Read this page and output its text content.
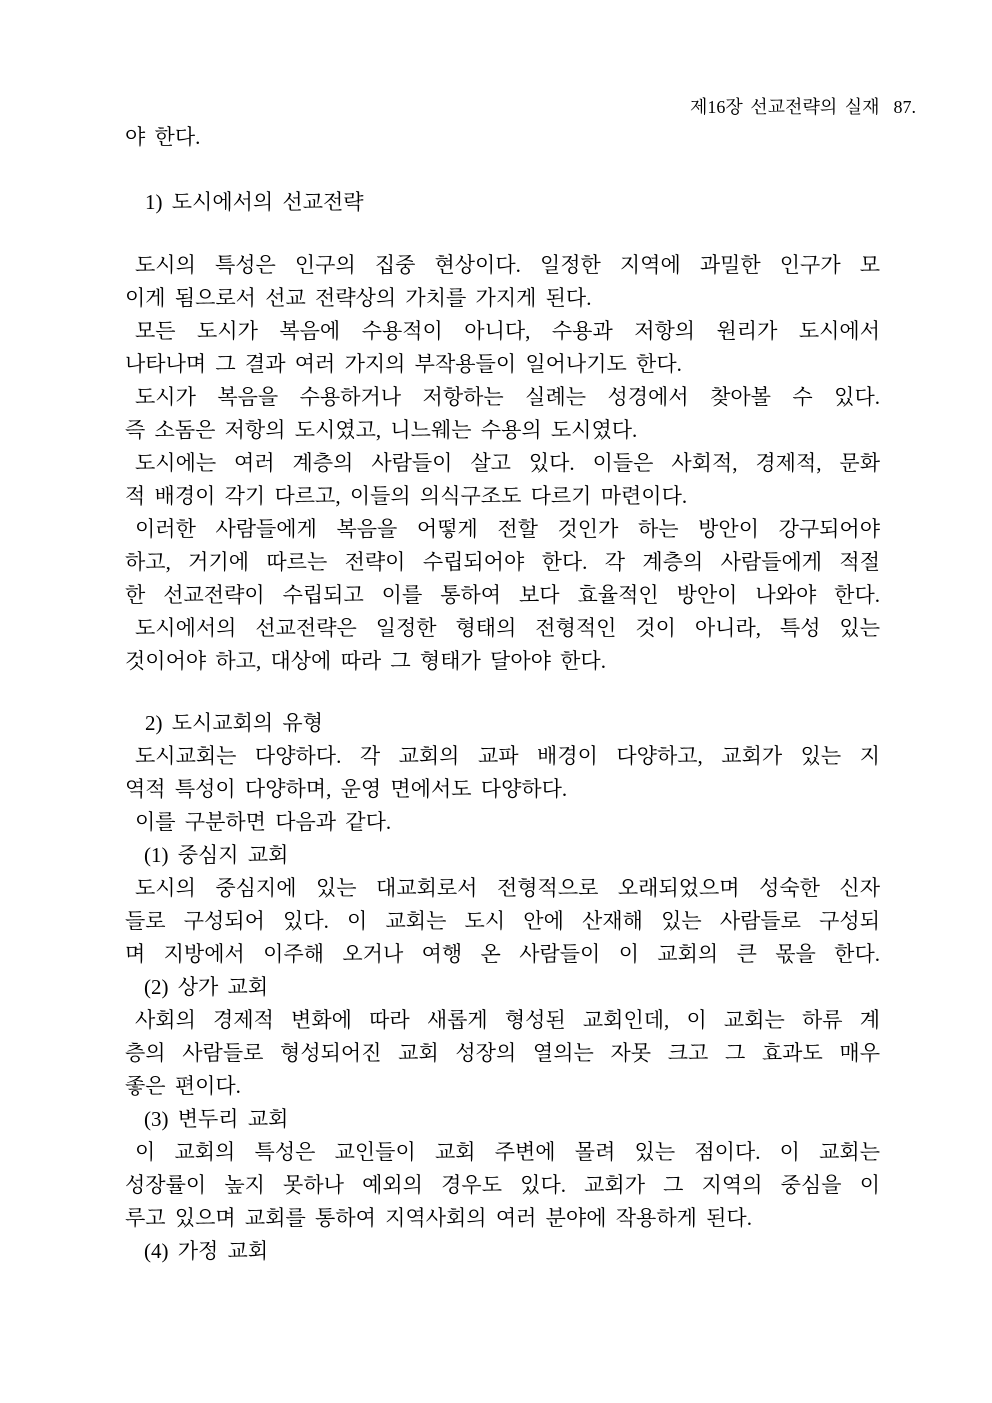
제16장 선교전략의 실재 87.
야 한다.
1) 도시에서의 선교전략
도시의 특성은 인구의 집중 현상이다. 일정한 지역에 과밀한 인구가 모
이게 됨으로서 선교 전략상의 가치를 가지게 된다.
모든 도시가 복음에 수용적이 아니다, 수용과 저항의 원리가 도시에서
나타나며 그 결과 여러 가지의 부작용들이 일어나기도 한다.
도시가 복음을 수용하거나 저항하는 실례는 성경에서 찾아볼 수 있다.
즉 소돔은 저항의 도시였고, 니느웨는 수용의 도시였다.
도시에는 여러 계층의 사람들이 살고 있다. 이들은 사회적, 경제적, 문화
적 배경이 각기 다르고, 이들의 의식구조도 다르기 마련이다.
이러한 사람들에게 복음을 어떻게 전할 것인가 하는 방안이 강구되어야
하고, 거기에 따르는 전략이 수립되어야 한다. 각 계층의 사람들에게 적절
한 선교전략이 수립되고 이를 통하여 보다 효율적인 방안이 나와야 한다.
도시에서의 선교전략은 일정한 형태의 전형적인 것이 아니라, 특성 있는
것이어야 하고, 대상에 따라 그 형태가 달아야 한다.
2) 도시교회의 유형
도시교회는 다양하다. 각 교회의 교파 배경이 다양하고, 교회가 있는 지
역적 특성이 다양하며, 운영 면에서도 다양하다.
이를 구분하면 다음과 같다.
(1) 중심지 교회
도시의 중심지에 있는 대교회로서 전형적으로 오래되었으며 성숙한 신자
들로 구성되어 있다. 이 교회는 도시 안에 산재해 있는 사람들로 구성되
며 지방에서 이주해 오거나 여행 온 사람들이 이 교회의 큰 몫을 한다.
(2) 상가 교회
사회의 경제적 변화에 따라 새롭게 형성된 교회인데, 이 교회는 하류 계
층의 사람들로 형성되어진 교회 성장의 열의는 자못 크고 그 효과도 매우
좋은 편이다.
(3) 변두리 교회
이 교회의 특성은 교인들이 교회 주변에 몰려 있는 점이다. 이 교회는
성장률이 높지 못하나 예외의 경우도 있다. 교회가 그 지역의 중심을 이
루고 있으며 교회를 통하여 지역사회의 여러 분야에 작용하게 된다.
(4) 가정 교회
